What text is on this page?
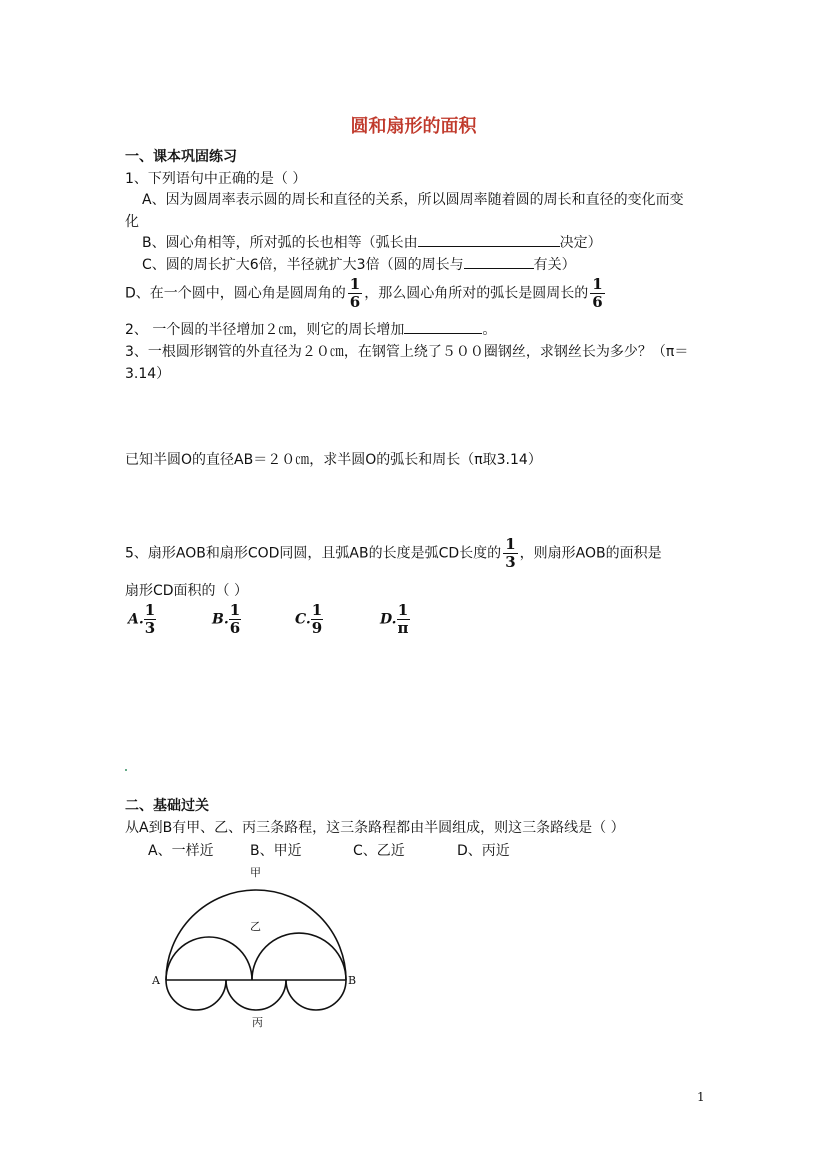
圆和扇形的面积
一、课本巩固练习
1、下列语句中正确的是（ ）
A、因为圆周率表示圆的周长和直径的关系，所以圆周率随着圆的周长和直径的变化而变
化
B、圆心角相等，所对弧的长也相等（弧长由	决定）
C、圆的周长扩大6倍，半径就扩大3倍（圆的周长与	有关）
D、在一个圆中，圆心角是圆周角的 $\frac{1}{6}$ ，那么圆心角所对的弧长是圆周长的 $\frac{1}{6}$
2、 一个圆的半径增加２㎝，则它的周长增加	。
3、一根圆形钢管的外直径为２０㎝，在钢管上绕了５００圈钢丝，求钢丝长为多少？（π＝
3.14）
已知半圆O的直径AB＝２０㎝，求半圆O的弧长和周长（π取3.14）
5、扇形AOB和扇形COD同圆，且弧AB的长度是弧CD长度的 $\frac{1}{3}$ ，则扇形AOB的面积是
扇形CD面积的（ ）
A. $\frac{1}{3}$	B. $\frac{1}{6}$	C. $\frac{1}{9}$	D. $\frac{1}{\pi}$
二、基础过关
从A到B有甲、乙、丙三条路程，这三条路程都由半圆组成，则这三条路线是（ ）
A、一样近	B、甲近	C、乙近	D、丙近
甲
乙
丙
A	B
1
